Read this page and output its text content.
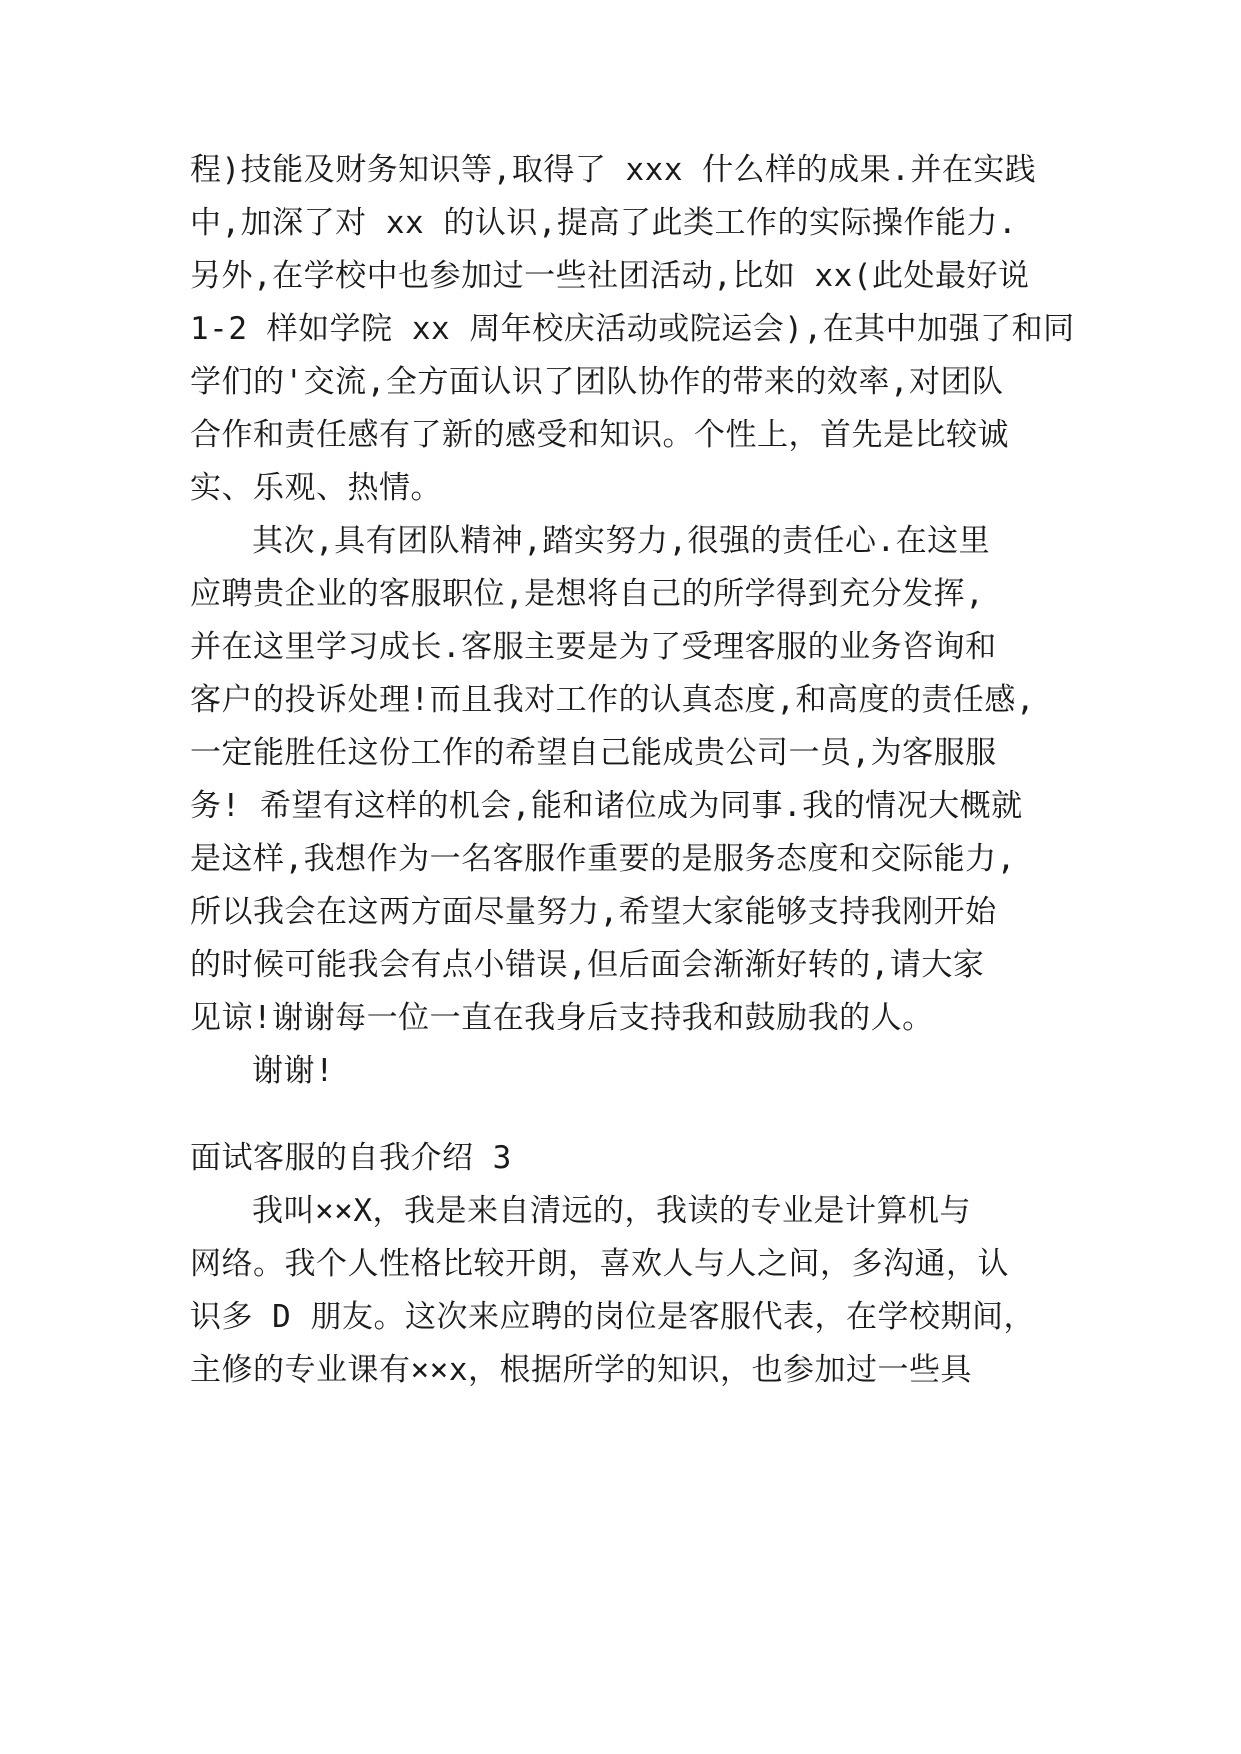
程)技能及财务知识等,取得了 xxx 什么样的成果.并在实践
中,加深了对 xx 的认识,提高了此类工作的实际操作能力.
另外,在学校中也参加过一些社团活动,比如 xx(此处最好说
1-2 样如学院 xx 周年校庆活动或院运会),在其中加强了和同
学们的'交流,全方面认识了团队协作的带来的效率,对团队
合作和责任感有了新的感受和知识。个性上，首先是比较诚
实、乐观、热情。
其次,具有团队精神,踏实努力,很强的责任心.在这里
应聘贵企业的客服职位,是想将自己的所学得到充分发挥,
并在这里学习成长.客服主要是为了受理客服的业务咨询和
客户的投诉处理!而且我对工作的认真态度,和高度的责任感,
一定能胜任这份工作的希望自己能成贵公司一员,为客服服
务! 希望有这样的机会,能和诸位成为同事.我的情况大概就
是这样,我想作为一名客服作重要的是服务态度和交际能力,
所以我会在这两方面尽量努力,希望大家能够支持我刚开始
的时候可能我会有点小错误,但后面会渐渐好转的,请大家
见谅!谢谢每一位一直在我身后支持我和鼓励我的人。
谢谢!
面试客服的自我介绍 3
我叫××X，我是来自清远的，我读的专业是计算机与
网络。我个人性格比较开朗，喜欢人与人之间，多沟通，认
识多 D 朋友。这次来应聘的岗位是客服代表，在学校期间，
主修的专业课有××x，根据所学的知识，也参加过一些具
